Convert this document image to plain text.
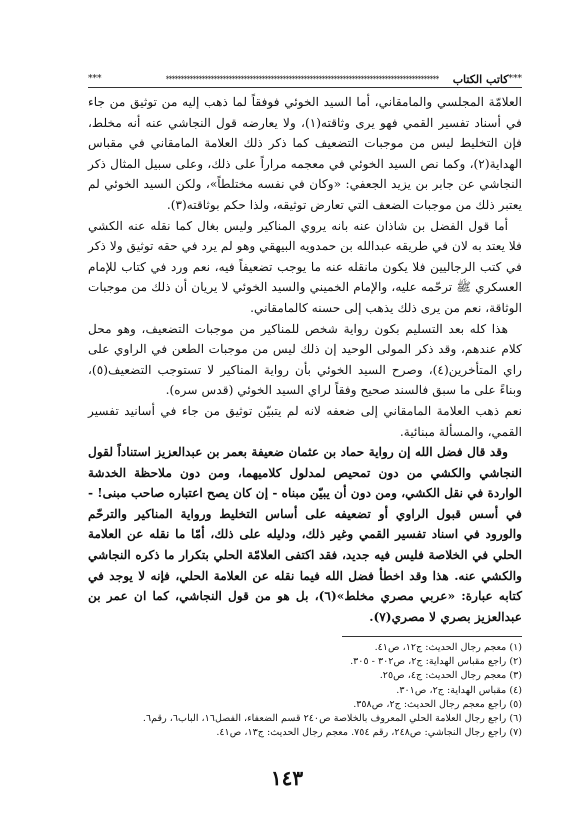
***
كاتب الكتاب
*******************************************************************************************
***

العلامّة المجلسي والمامقاني، أما السيد الخوئي فوفقاً لما ذهب إليه من توثيق من جاء في أسناد تفسير القمي فهو يرى وثاقته(١)، ولا يعارضه قول النجاشي عنه أنه مخلط، فإن التخليط ليس من موجبات التضعيف كما ذكر ذلك العلامة المامقاني في مقباس الهداية(٢)، وكما نص السيد الخوئي في معجمه مراراً على ذلك، وعلى سبيل المثال ذكر النجاشي عن جابر بن يزيد الجعفي: «وكان في نفسه مختلطاً»، ولكن السيد الخوئي لم يعتبر ذلك من موجبات الضعف التي تعارض توثيقه، ولذا حكم بوثاقته(٣).

أما قول الفضل بن شاذان عنه بانه يروي المناكير وليس بغال كما نقله عنه الكشي فلا يعتد به لان في طريقه عبدالله بن حمدويه البيهقي وهو لم يرد في حقه توثيق ولا ذكر في كتب الرجاليين فلا يكون مانقله عنه ما يوجب تضعيفاً فيه، نعم ورد في كتاب للإمام العسكري ﷺ ترحّمه عليه، والإمام الخميني والسيد الخوئي لا يريان أن ذلك من موجبات الوثاقة، نعم من يرى ذلك يذهب إلى حسنه كالمامقاني.

هذا كله بعد التسليم بكون رواية شخص للمناكير من موجبات التضعيف، وهو محل كلام عندهم، وقد ذكر المولى الوحيد إن ذلك ليس من موجبات الطعن في الراوي على راي المتأخرين(٤)، وصرح السيد الخوئي بأن رواية المناكير لا تستوجب التضعيف(٥)، وبناءً على ما سبق فالسند صحيح وفقاً لراي السيد الخوئي (قدس سره).

نعم ذهب العلامة المامقاني إلى ضعفه لانه لم يتبيّن توثيق من جاء في أسانيد تفسير القمي، والمسألة مبنائية.

وقد قال فضل الله إن رواية حماد بن عثمان ضعيفة بعمر بن عبدالعزيز استناداً لقول النجاشي والكشي من دون تمحيص لمدلول كلاميهما، ومن دون ملاحظة الخدشة الواردة في نقل الكشي، ومن دون أن يبيّن مبناه - إن كان يصح اعتباره صاحب مبنى! - في أسس قبول الراوي أو تضعيفه على أساس التخليط ورواية المناكير والترحّم والورود في اسناد تفسير القمي وغير ذلك، ودليله على ذلك، أمّا ما نقله عن العلامة الحلي في الخلاصة فليس فيه جديد، فقد اكتفى العلامّة الحلي بتكرار ما ذكره النجاشي والكشي عنه. هذا وقد اخطأ فضل الله فيما نقله عن العلامة الحلي، فإنه لا يوجد في كتابه عبارة: «عربي مصري مخلط»(٦)، بل هو من قول النجاشي، كما ان عمر بن عبدالعزيز بصري لا مصري(٧).

(١) معجم رجال الحديث: ج١٢، ص٤١.
(٢) راجع مقباس الهداية: ج٢، ص٣٠٢ - ٣٠٥.
(٣) معجم رجال الحديث: ج٤، ص٢٥.
(٤) مقباس الهداية: ج٢، ص٣٠١.
(٥) راجع معجم رجال الحديث: ج٢، ص٣٥٨.
(٦) راجع رجال العلامة الحلي المعروف بالخلاصة ص٢٤٠ قسم الضعفاء، الفصل١٦، الباب٦، رقم٦.
(٧) راجع رجال النجاشي: ص٢٤٨، رقم ٧٥٤. معجم رجال الحديث: ج١٣، ص٤١.
١٤٣
